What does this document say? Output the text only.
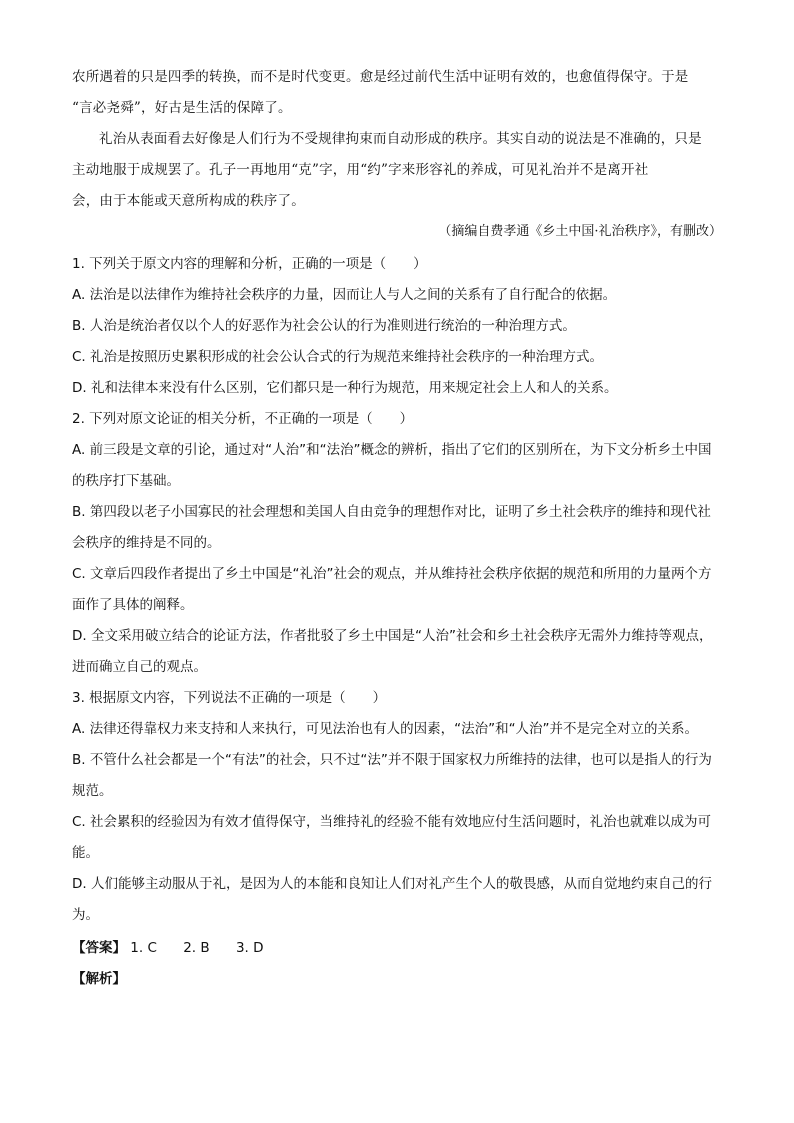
农所遇着的只是四季的转换，而不是时代变更。愈是经过前代生活中证明有效的，也愈值得保守。于是

“言必尧舜”，好古是生活的保障了。

礼治从表面看去好像是人们行为不受规律拘束而自动形成的秩序。其实自动的说法是不准确的，只是

主动地服于成规罢了。孔子一再地用“克”字，用“约”字来形容礼的养成，可见礼治并不是离开社

会，由于本能或天意所构成的秩序了。

（摘编自费孝通《乡土中国·礼治秩序》，有删改）

1. 下列关于原文内容的理解和分析，正确的一项是（　　）

A. 法治是以法律作为维持社会秩序的力量，因而让人与人之间的关系有了自行配合的依据。

B. 人治是统治者仅以个人的好恶作为社会公认的行为准则进行统治的一种治理方式。

C. 礼治是按照历史累积形成的社会公认合式的行为规范来维持社会秩序的一种治理方式。

D. 礼和法律本来没有什么区别，它们都只是一种行为规范，用来规定社会上人和人的关系。

2. 下列对原文论证的相关分析，不正确的一项是（　　）

A. 前三段是文章的引论，通过对“人治”和“法治”概念的辨析，指出了它们的区别所在，为下文分析乡土中国的秩序打下基础。

B. 第四段以老子小国寡民的社会理想和美国人自由竞争的理想作对比，证明了乡土社会秩序的维持和现代社会秩序的维持是不同的。

C. 文章后四段作者提出了乡土中国是“礼治”社会的观点，并从维持社会秩序依据的规范和所用的力量两个方面作了具体的阐释。

D. 全文采用破立结合的论证方法，作者批驳了乡土中国是“人治”社会和乡土社会秩序无需外力维持等观点，进而确立自己的观点。

3. 根据原文内容，下列说法不正确的一项是（　　）

A. 法律还得靠权力来支持和人来执行，可见法治也有人的因素，“法治”和“人治”并不是完全对立的关系。

B. 不管什么社会都是一个“有法”的社会，只不过“法”并不限于国家权力所维持的法律，也可以是指人的行为规范。

C. 社会累积的经验因为有效才值得保守，当维持礼的经验不能有效地应付生活问题时，礼治也就难以成为可能。

D. 人们能够主动服从于礼，是因为人的本能和良知让人们对礼产生个人的敬畏感，从而自觉地约束自己的行为。

【答案】 1. C 2. B 3. D
【解析】
